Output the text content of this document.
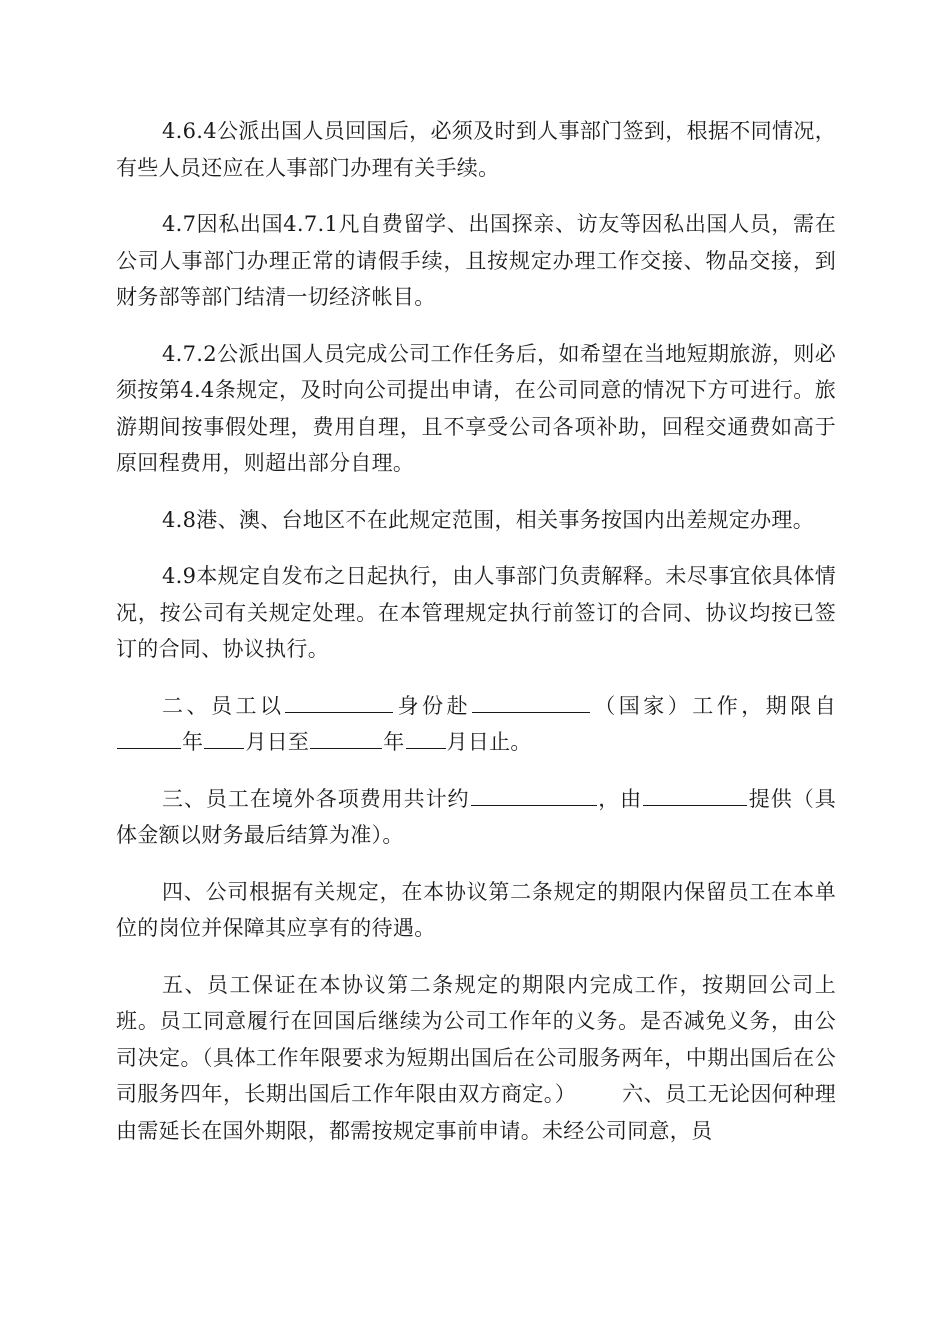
4.6.4公派出国人员回国后，必须及时到人事部门签到，根据不同情况，有些人员还应在人事部门办理有关手续。

4.7因私出国4.7.1凡自费留学、出国探亲、访友等因私出国人员，需在公司人事部门办理正常的请假手续，且按规定办理工作交接、物品交接，到财务部等部门结清一切经济帐目。

4.7.2公派出国人员完成公司工作任务后，如希望在当地短期旅游，则必须按第4.4条规定，及时向公司提出申请，在公司同意的情况下方可进行。旅游期间按事假处理，费用自理，且不享受公司各项补助，回程交通费如高于原回程费用，则超出部分自理。

4.8港、澳、台地区不在此规定范围，相关事务按国内出差规定办理。

4.9本规定自发布之日起执行，由人事部门负责解释。未尽事宜依具体情况，按公司有关规定处理。在本管理规定执行前签订的合同、协议均按已签订的合同、协议执行。

二、员工以	身份赴	（国家）工作，期限自年 月日至	年 月日止。

三、员工在境外各项费用共计约	，由	提供（具体金额以财务最后结算为准）。

四、公司根据有关规定，在本协议第二条规定的期限内保留员工在本单位的岗位并保障其应享有的待遇。

五、员工保证在本协议第二条规定的期限内完成工作，按期回公司上班。员工同意履行在回国后继续为公司工作年的义务。是否减免义务，由公司决定。（具体工作年限要求为短期出国后在公司服务两年，中期出国后在公司服务四年，长期出国后工作年限由双方商定。） 六、员工无论因何种理由需延长在国外期限，都需按规定事前申请。未经公司同意，员
